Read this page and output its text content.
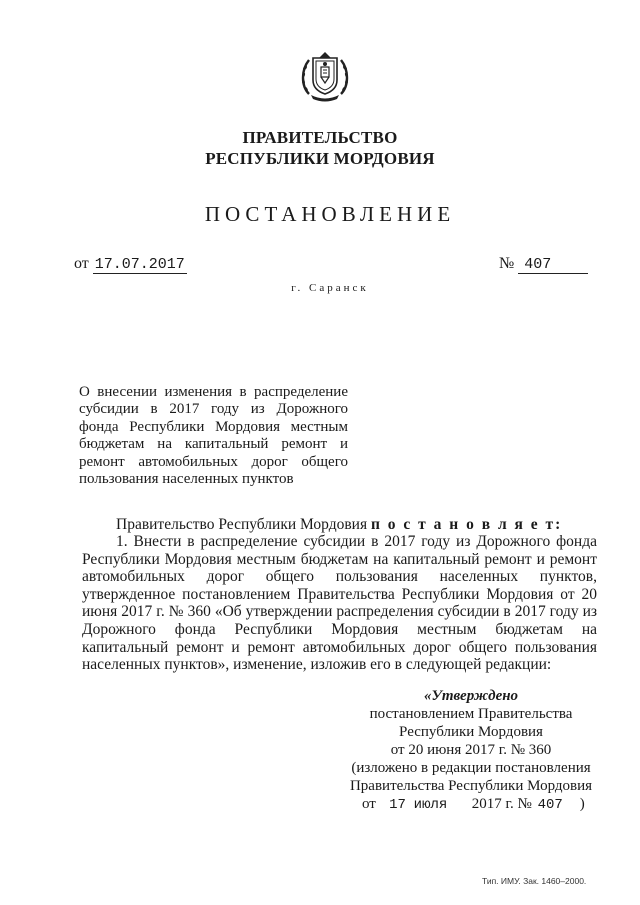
ПРАВИТЕЛЬСТВО
РЕСПУБЛИКИ МОРДОВИЯ
ПОСТАНОВЛЕНИЕ
от 17.07.2017	№ 407
г. Саранск
О внесении изменения в распределение субсидии в 2017 году из Дорожного фонда Республики Мордовия местным бюджетам на капитальный ремонт и ремонт автомобильных дорог общего пользования населенных пунктов
Правительство Республики Мордовия п о с т а н о в л я е т:
1. Внести в распределение субсидии в 2017 году из Дорожного фонда Республики Мордовия местным бюджетам на капитальный ремонт и ремонт автомобильных дорог общего пользования населенных пунктов, утвержденное постановлением Правительства Республики Мордовия от 20 июня 2017 г. № 360 «Об утверждении распределения субсидии в 2017 году из Дорожного фонда Республики Мордовия местным бюджетам на капитальный ремонт и ремонт автомобильных дорог общего пользования населенных пунктов», изменение, изложив его в следующей редакции:
«Утверждено
постановлением Правительства
Республики Мордовия
от 20 июня 2017 г. № 360
(изложено в редакции постановления
Правительства Республики Мордовия
от 17 июля 2017 г. № 407 )
Тип. ИМУ. Зак. 1460–2000.
